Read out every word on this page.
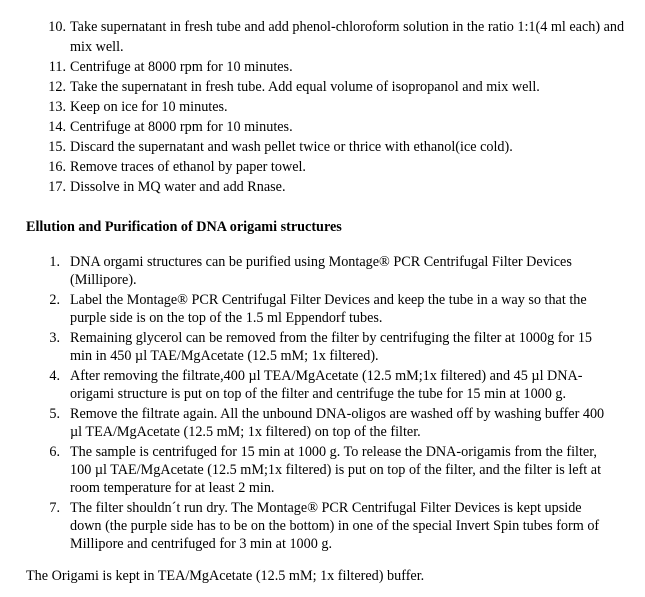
10. Take supernatant in fresh tube and add phenol-chloroform solution in the ratio 1:1(4 ml each) and mix well.
11. Centrifuge at 8000 rpm for 10 minutes.
12. Take the supernatant in fresh tube. Add equal volume of isopropanol and mix well.
13. Keep on ice for 10 minutes.
14. Centrifuge at 8000 rpm for 10 minutes.
15. Discard the supernatant and wash pellet twice or thrice with ethanol(ice cold).
16. Remove traces of ethanol by paper towel.
17. Dissolve in MQ water and add Rnase.
Ellution and Purification of DNA origami structures
1. DNA orgami structures can be purified using Montage® PCR Centrifugal Filter Devices (Millipore).
2. Label the Montage® PCR Centrifugal Filter Devices and keep the tube in a way so that the purple side is on the top of the 1.5 ml Eppendorf tubes.
3. Remaining glycerol can be removed from the filter by centrifuging the filter at 1000g for 15 min in 450 µl TAE/MgAcetate (12.5 mM; 1x filtered).
4. After removing the filtrate,400 µl TEA/MgAcetate (12.5 mM;1x filtered) and 45 µl DNA-origami structure is put on top of the filter and centrifuge the tube for 15 min at 1000 g.
5. Remove the filtrate again. All the unbound DNA-oligos are washed off by washing buffer 400 µl TEA/MgAcetate (12.5 mM; 1x filtered) on top of the filter.
6. The sample is centrifuged for 15 min at 1000 g. To release the DNA-origamis from the filter, 100 µl TAE/MgAcetate (12.5 mM;1x filtered) is put on top of the filter, and the filter is left at room temperature for at least 2 min.
7. The filter shouldn´t run dry. The Montage® PCR Centrifugal Filter Devices is kept upside down (the purple side has to be on the bottom) in one of the special Invert Spin tubes form of Millipore and centrifuged for 3 min at 1000 g.
The Origami is kept in TEA/MgAcetate (12.5 mM; 1x filtered) buffer.
